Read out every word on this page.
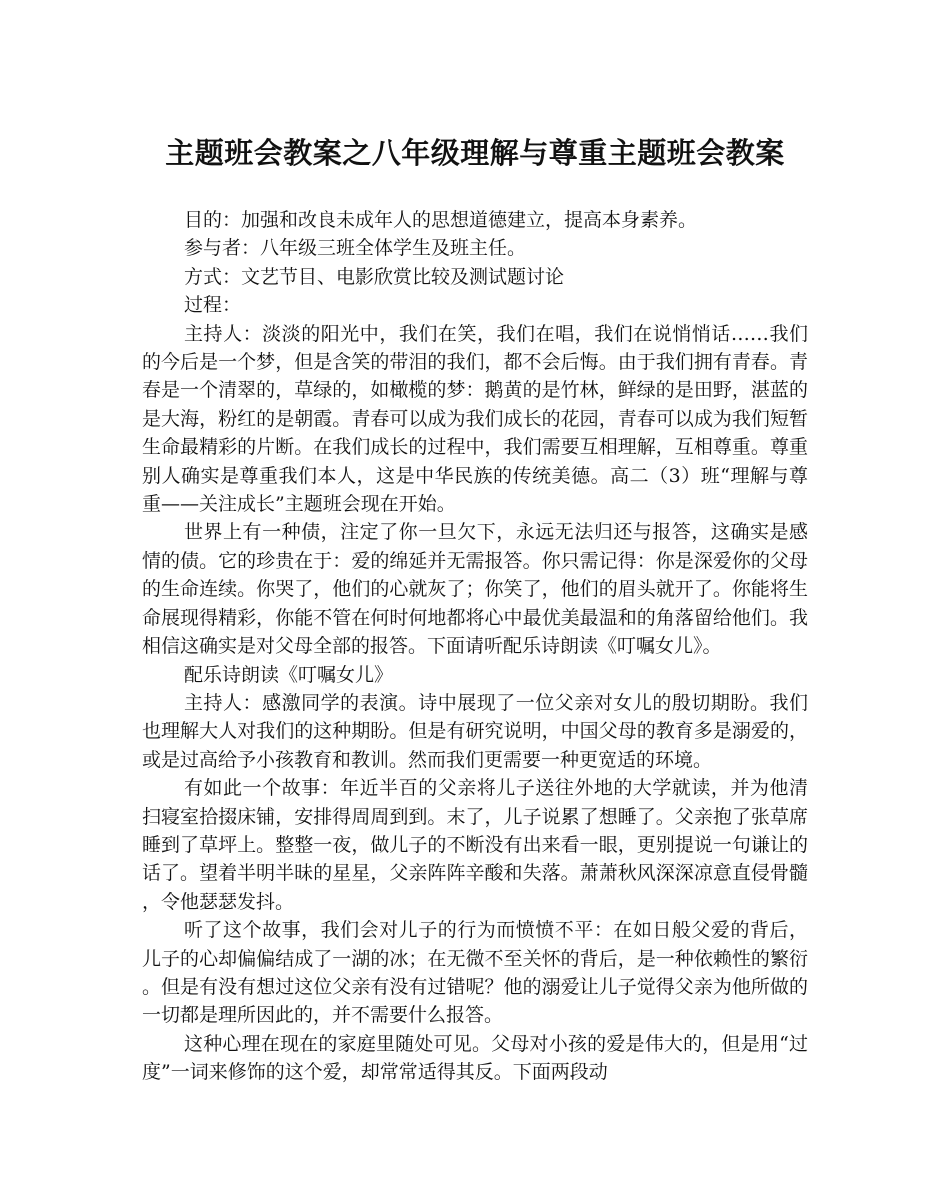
主题班会教案之八年级理解与尊重主题班会教案

目的：加强和改良未成年人的思想道德建立，提高本身素养。

参与者：八年级三班全体学生及班主任。

方式：文艺节目、电影欣赏比较及测试题讨论

过程：

主持人：淡淡的阳光中，我们在笑，我们在唱，我们在说悄悄话……我们的今后是一个梦，但是含笑的带泪的我们，都不会后悔。由于我们拥有青春。青春是一个清翠的，草绿的，如橄榄的梦：鹅黄的是竹林，鲜绿的是田野，湛蓝的是大海，粉红的是朝霞。青春可以成为我们成长的花园，青春可以成为我们短暂生命最精彩的片断。在我们成长的过程中，我们需要互相理解，互相尊重。尊重别人确实是尊重我们本人，这是中华民族的传统美德。高二（3）班“理解与尊重——关注成长”主题班会现在开始。

世界上有一种债，注定了你一旦欠下，永远无法归还与报答，这确实是感情的债。它的珍贵在于：爱的绵延并无需报答。你只需记得：你是深爱你的父母的生命连续。你哭了，他们的心就灰了；你笑了，他们的眉头就开了。你能将生命展现得精彩，你能不管在何时何地都将心中最优美最温和的角落留给他们。我相信这确实是对父母全部的报答。下面请听配乐诗朗读《叮嘱女儿》。

配乐诗朗读《叮嘱女儿》

主持人：感激同学的表演。诗中展现了一位父亲对女儿的殷切期盼。我们也理解大人对我们的这种期盼。但是有研究说明，中国父母的教育多是溺爱的，或是过高给予小孩教育和教训。然而我们更需要一种更宽适的环境。

有如此一个故事：年近半百的父亲将儿子送往外地的大学就读，并为他清扫寝室拾掇床铺，安排得周周到到。末了，儿子说累了想睡了。父亲抱了张草席睡到了草坪上。整整一夜，做儿子的不断没有出来看一眼，更别提说一句谦让的话了。望着半明半昧的星星，父亲阵阵辛酸和失落。萧萧秋风深深凉意直侵骨髓，令他瑟瑟发抖。

听了这个故事，我们会对儿子的行为而愤愤不平：在如日般父爱的背后，儿子的心却偏偏结成了一湖的冰；在无微不至关怀的背后，是一种依赖性的繁衍。但是有没有想过这位父亲有没有过错呢？他的溺爱让儿子觉得父亲为他所做的一切都是理所因此的，并不需要什么报答。

这种心理在现在的家庭里随处可见。父母对小孩的爱是伟大的，但是用“过度”一词来修饰的这个爱，却常常适得其反。下面两段动
